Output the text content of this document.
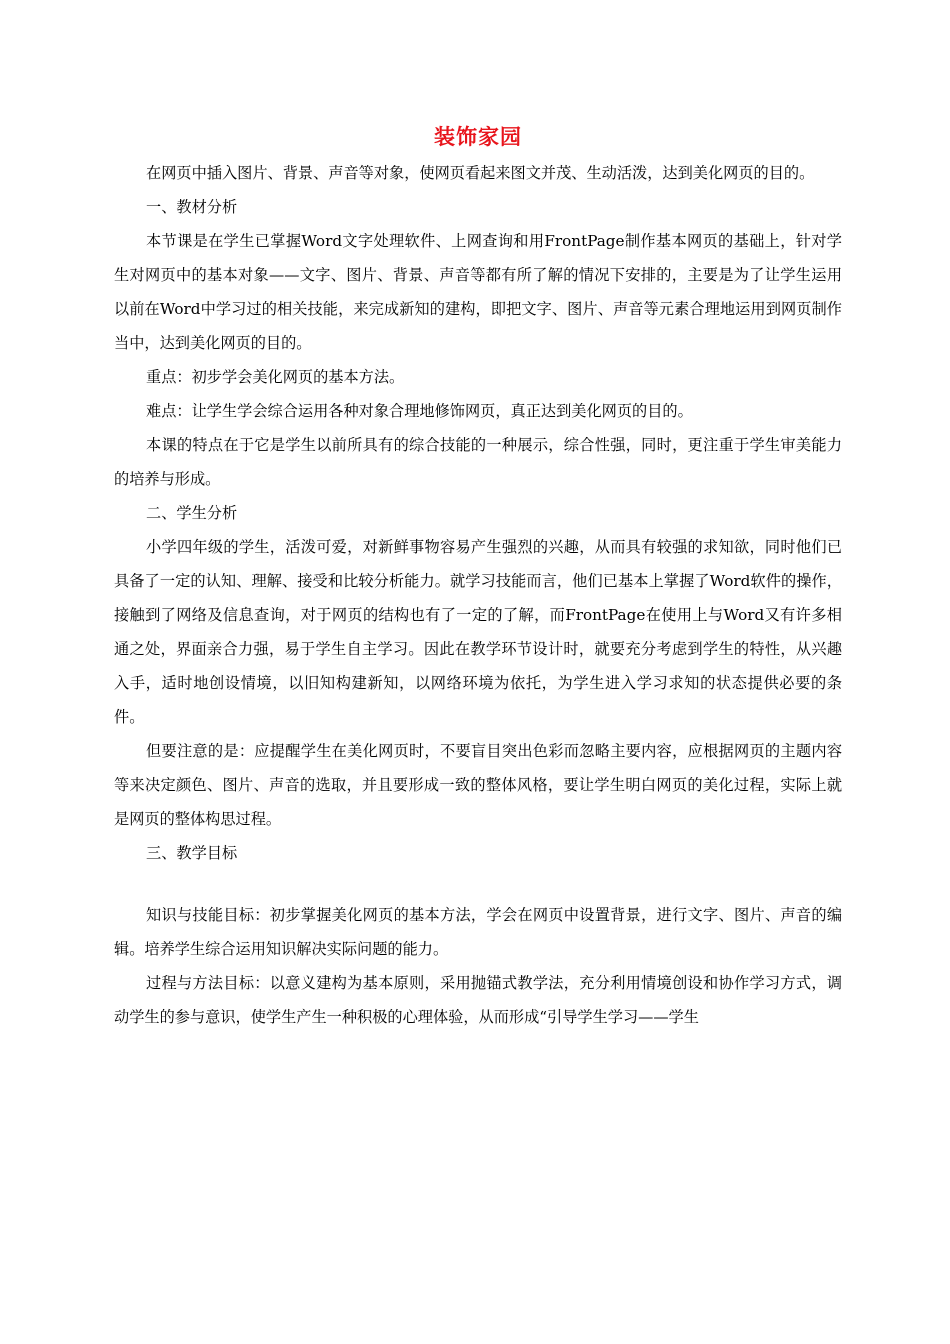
装饰家园

在网页中插入图片、背景、声音等对象，使网页看起来图文并茂、生动活泼，达到美化网页的目的。

一、教材分析

本节课是在学生已掌握Word文字处理软件、上网查询和用FrontPage制作基本网页的基础上，针对学生对网页中的基本对象——文字、图片、背景、声音等都有所了解的情况下安排的，主要是为了让学生运用以前在Word中学习过的相关技能，来完成新知的建构，即把文字、图片、声音等元素合理地运用到网页制作当中，达到美化网页的目的。

重点：初步学会美化网页的基本方法。

难点：让学生学会综合运用各种对象合理地修饰网页，真正达到美化网页的目的。

本课的特点在于它是学生以前所具有的综合技能的一种展示，综合性强，同时，更注重于学生审美能力的培养与形成。

二、学生分析

小学四年级的学生，活泼可爱，对新鲜事物容易产生强烈的兴趣，从而具有较强的求知欲，同时他们已具备了一定的认知、理解、接受和比较分析能力。就学习技能而言，他们已基本上掌握了Word软件的操作，接触到了网络及信息查询，对于网页的结构也有了一定的了解，而FrontPage在使用上与Word又有许多相通之处，界面亲合力强，易于学生自主学习。因此在教学环节设计时，就要充分考虑到学生的特性，从兴趣入手，适时地创设情境，以旧知构建新知，以网络环境为依托，为学生进入学习求知的状态提供必要的条件。

但要注意的是：应提醒学生在美化网页时，不要盲目突出色彩而忽略主要内容，应根据网页的主题内容等来决定颜色、图片、声音的选取，并且要形成一致的整体风格，要让学生明白网页的美化过程，实际上就是网页的整体构思过程。

三、教学目标

知识与技能目标：初步掌握美化网页的基本方法，学会在网页中设置背景，进行文字、图片、声音的编辑。培养学生综合运用知识解决实际问题的能力。

过程与方法目标：以意义建构为基本原则，采用抛锚式教学法，充分利用情境创设和协作学习方式，调动学生的参与意识，使学生产生一种积极的心理体验，从而形成“引导学生学习——学生
